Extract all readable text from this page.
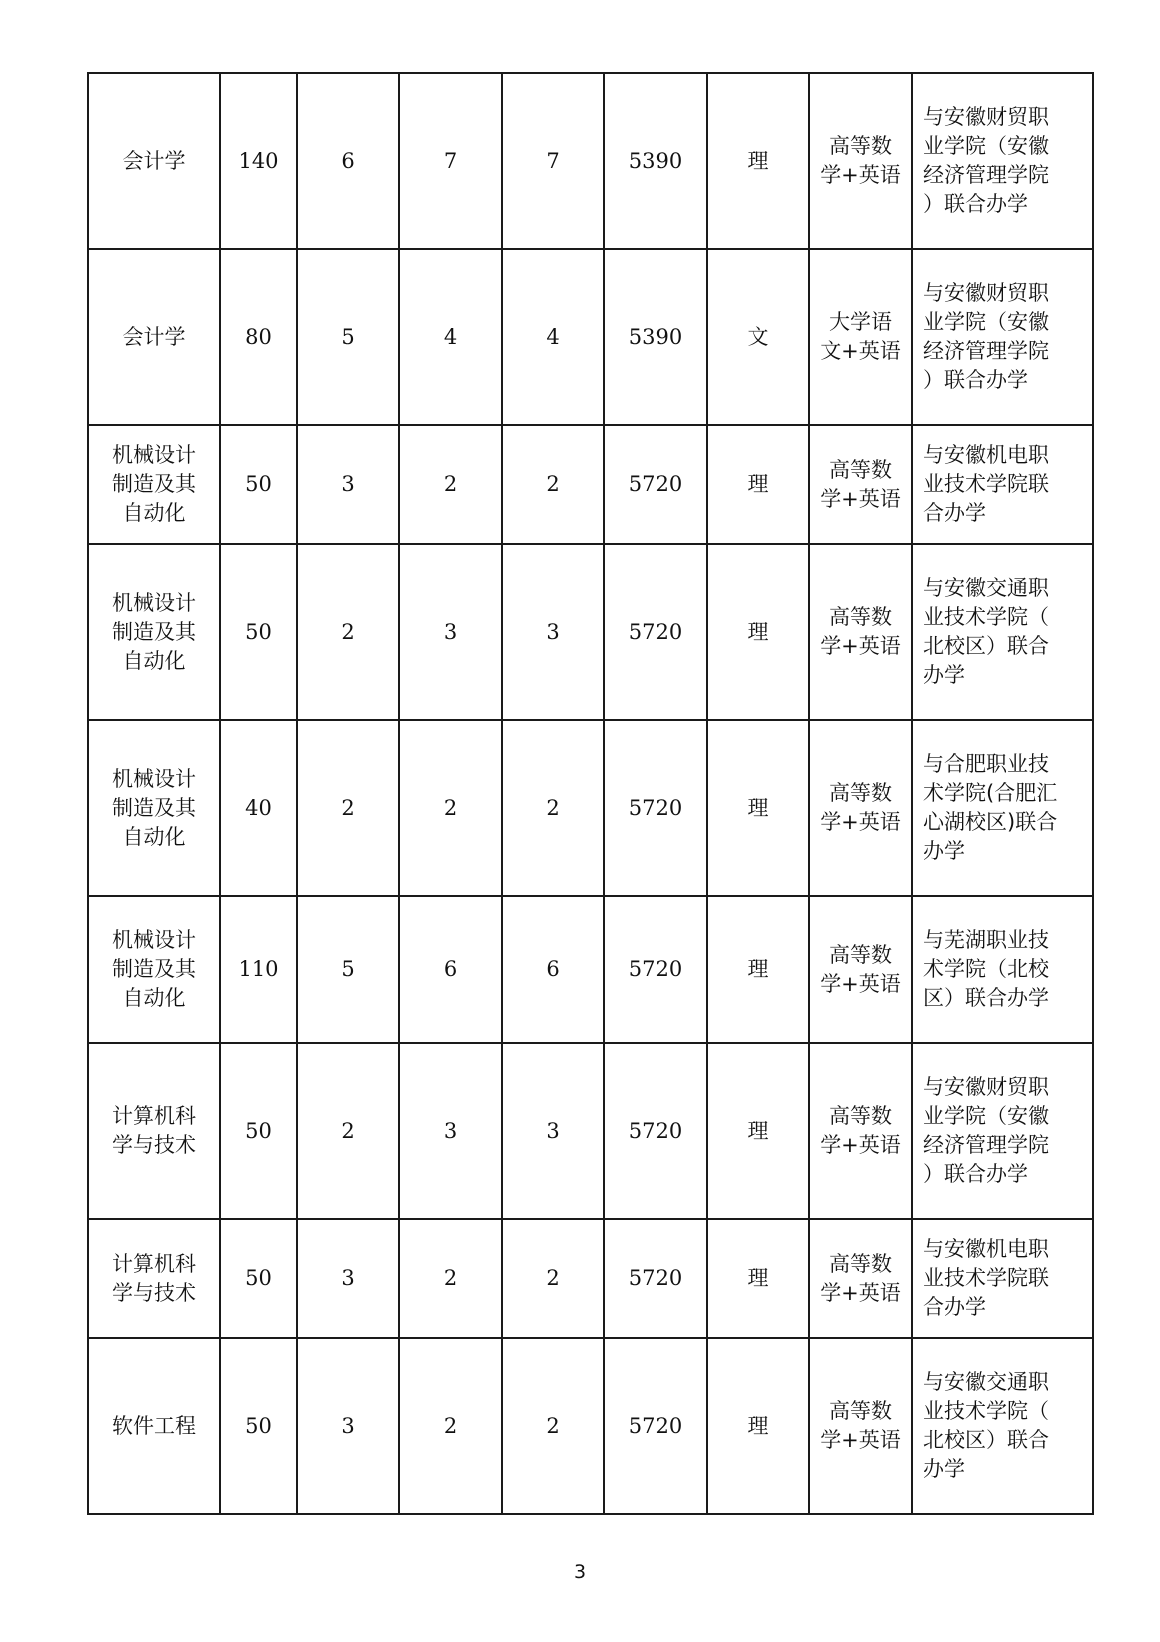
会计学	140	6	7	7	5390	理	高等数
学+英语	与安徽财贸职
业学院（安徽
经济管理学院
）联合办学

会计学	80	5	4	4	5390	文	大学语
文+英语	与安徽财贸职
业学院（安徽
经济管理学院
）联合办学

机械设计
制造及其
自动化	50	3	2	2	5720	理	高等数
学+英语	与安徽机电职
业技术学院联
合办学

机械设计
制造及其
自动化	50	2	3	3	5720	理	高等数
学+英语	与安徽交通职
业技术学院（
北校区）联合
办学

机械设计
制造及其
自动化	40	2	2	2	5720	理	高等数
学+英语	与合肥职业技
术学院(合肥汇
心湖校区)联合
办学

机械设计
制造及其
自动化	110	5	6	6	5720	理	高等数
学+英语	与芜湖职业技
术学院（北校
区）联合办学

计算机科
学与技术	50	2	3	3	5720	理	高等数
学+英语	与安徽财贸职
业学院（安徽
经济管理学院
）联合办学

计算机科
学与技术	50	3	2	2	5720	理	高等数
学+英语	与安徽机电职
业技术学院联
合办学

软件工程	50	3	2	2	5720	理	高等数
学+英语	与安徽交通职
业技术学院（
北校区）联合
办学
3
